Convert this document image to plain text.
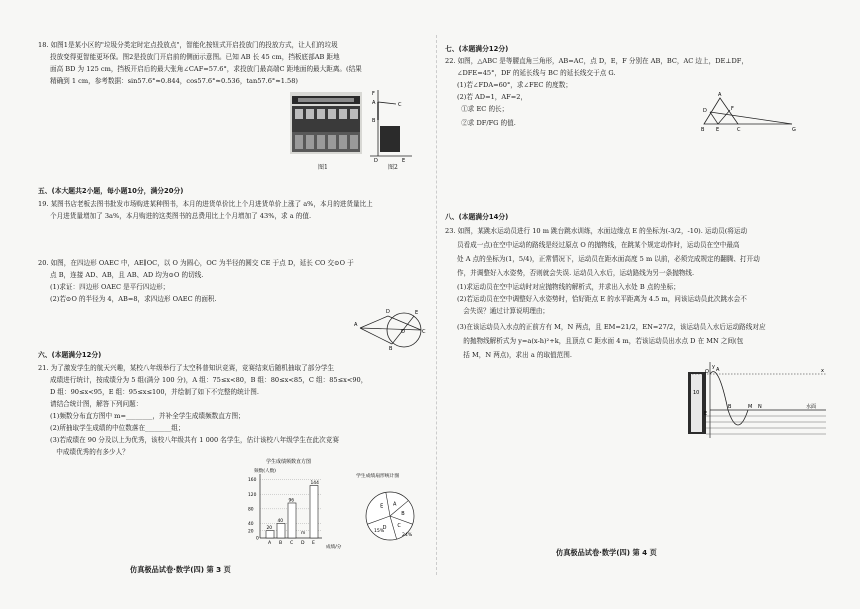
18. 如图1是某小区的"垃圾分类定时定点投放点"，智能化按钮式开启投放门的投放方式，让人们的垃圾
投放变得更智能更环保。图2是投放门开启前的侧面示意图。已知 AB 长 45 cm，挡板底部AB 距地
面高 BD 为 125 cm，挡板开启后的最大张角∠CAF=57.6°，求投放门最高端C 距地面的最大距离。(结果
精确到 1 cm，参考数据：sin57.6°≈0.844，cos57.6°≈0.536，tan57.6°≈1.58)
图1
F
A	C
B
D	E
图2
五、(本大题共2小题，每小题10分，满分20分)
19. 某图书店老板去图书批发市场购进某种图书，本月的进货单价比上个月进货单价上涨了 a%，本月的进货量比上
个月进货量增加了 3a%，本月购进的这类图书的总费用比上个月增加了 43%，求 a 的值.
20. 如图，在四边形 OAEC 中，AE∥OC，以 O 为圆心，OC 为半径的圆交 CE 于点 D，延长 CO 交⊙O 于
点 B，连接 AD、AB，且 AB、AD 均为⊙O 的切线.
(1)求证：四边形 OAEC 是平行四边形；
(2)若⊙O 的半径为 4，AB=8，求四边形 OAEC 的面积.
A
D	E
O	C
B
六、(本题满分12分)
21. 为了激发学生的航天兴趣，某校八年级举行了太空科普知识竞赛，竞赛结束后随机抽取了部分学生
成绩进行统计，按成绩分为 5 组(满分 100 分)，A 组：75≤x<80，B 组：80≤x<85，C 组：85≤x<90，
D 组：90≤x<95，E 组：95≤x≤100，并绘制了如下不完整的统计图.
请结合统计图，解答下列问题：
(1)频数分布直方图中 m=________，并补全学生成绩频数直方图；
(2)所抽取学生成绩的中位数落在________组；
(3)若成绩在 90 分及以上为优秀，该校八年级共有 1 000 名学生，估计该校八年级学生在此次竞赛
中成绩优秀的有多少人？
学生成绩频数直方图
频数(人数)
成绩/分
20
40
80
120
160
0
20
A
40
B
96
C
m
D
144
E
学生成绩扇形统计图
A
B
C
D
E
15%
24%
仿真极品试卷·数学(四) 第 3 页
七、(本题满分12分)
22. 如图，△ABC 是等腰直角三角形，AB=AC，点 D，E，F 分别在 AB，BC，AC 边上，DE⊥DF，
∠DFE=45°，DF 的延长线与 BC 的延长线交于点 G.
(1)若∠FDA=60°，求∠FEC 的度数；
(2)若 AD=1，AF=2，
①求 EC 的长；
②求 DF/FG 的值.
A
D	F
B E	C	G
八、(本题满分14分)
23. 如图，某跳水运动员进行 10 m 跳台跳水训练，水面边缘点 E 的坐标为(-3/2，-10). 运动员(将运动
员看成一点)在空中运动的路线是经过原点 O 的抛物线，在跳某个规定动作时，运动员在空中最高
处 A 点的坐标为(1，5/4)，正常情况下，运动员在距水面高度 5 m 以前，必须完成规定的翻腾、打开动
作，并调整好入水姿势，否则就会失误. 运动员入水后，运动路线为另一条抛物线.
(1)求运动员在空中运动时对应抛物线的解析式，并求出入水处 B 点的坐标；
(2)若运动员在空中调整好入水姿势时，恰好距点 E 的水平距离为 4.5 m，问该运动员此次跳水会不
会失误？通过计算说明理由；
(3)在该运动员入水点的正前方有 M，N 两点，且 EM=21/2，EN=27/2，该运动员入水后运动路线对应
的抛物线解析式为 y=a(x-h)²+k，且顶点 C 距水面 4 m，若该运动员出水点 D 在 MN 之间(包
括 M，N 两点)，求出 a 的取值范围.
y A
O	x
10
B	M N
E
水面
仿真极品试卷·数学(四) 第 4 页
